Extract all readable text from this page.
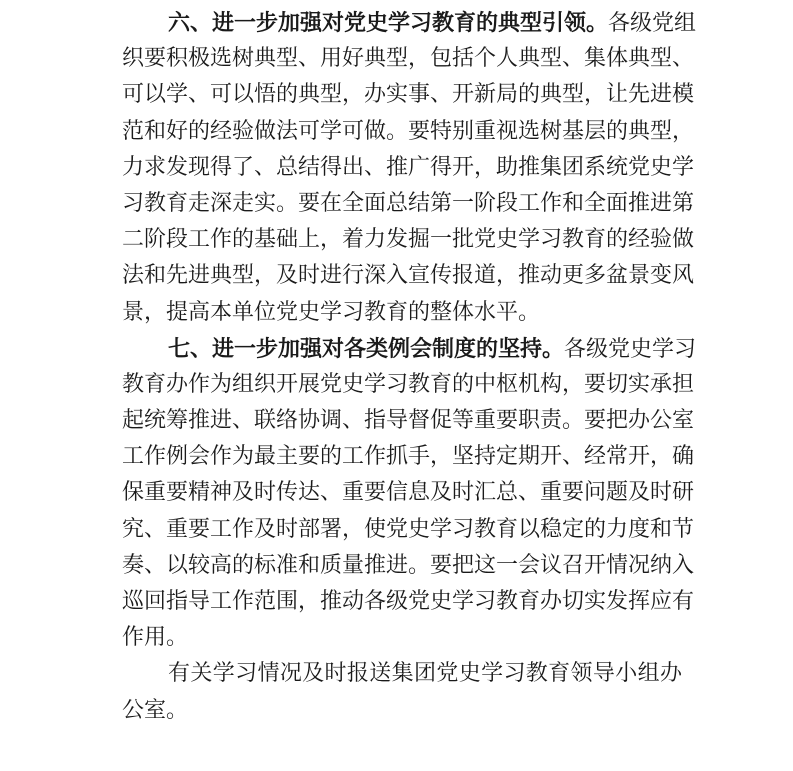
六、进一步加强对党史学习教育的典型引领。各级党组
织要积极选树典型、用好典型，包括个人典型、集体典型、
可以学、可以悟的典型，办实事、开新局的典型，让先进模
范和好的经验做法可学可做。要特别重视选树基层的典型，
力求发现得了、总结得出、推广得开，助推集团系统党史学
习教育走深走实。要在全面总结第一阶段工作和全面推进第
二阶段工作的基础上，着力发掘一批党史学习教育的经验做
法和先进典型，及时进行深入宣传报道，推动更多盆景变风
景，提高本单位党史学习教育的整体水平。
七、进一步加强对各类例会制度的坚持。各级党史学习
教育办作为组织开展党史学习教育的中枢机构，要切实承担
起统筹推进、联络协调、指导督促等重要职责。要把办公室
工作例会作为最主要的工作抓手，坚持定期开、经常开，确
保重要精神及时传达、重要信息及时汇总、重要问题及时研
究、重要工作及时部署，使党史学习教育以稳定的力度和节
奏、以较高的标准和质量推进。要把这一会议召开情况纳入
巡回指导工作范围，推动各级党史学习教育办切实发挥应有
作用。
有关学习情况及时报送集团党史学习教育领导小组办
公室。
